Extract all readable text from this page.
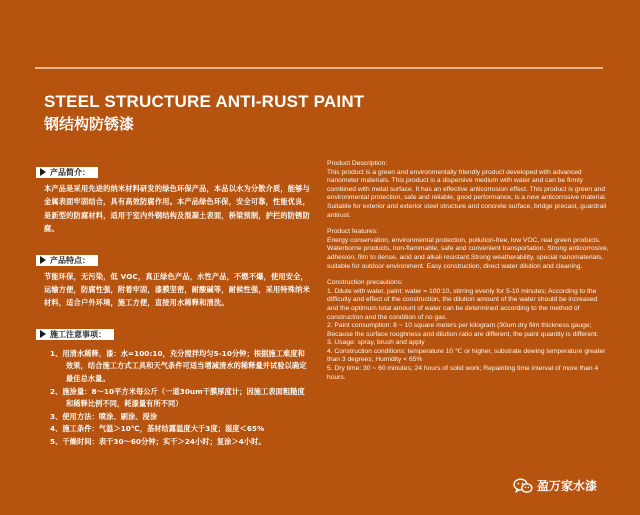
STEEL STRUCTURE ANTI-RUST PAINT
钢结构防锈漆
产品简介：

本产品是采用先进的纳米材料研发的绿色环保产品，本品以水为分散介质，能够与金属表面牢固结合，具有高效防腐作用。本产品绿色环保，安全可靠，性能优良，是新型的防腐材料，适用于室内外钢结构及混凝土表面，桥梁预制，护栏的防锈防腐。

产品特点：

节能环保，无污染，低 VOC，真正绿色产品，水性产品，不燃不爆，使用安全，运输方便，防腐性强，附着牢固，漆膜坚密，耐酸碱等，耐候性强，采用特殊纳米材料，适合户外环境，施工方便，直接用水稀释和清洗。

施工注意事项：
1、用清水稀释，漆：水=100:10，充分搅拌均匀5-10分钟；根据施工难度和效果，结合施工方式工具和天气条件可适当增减清水的稀释量并试验以确定最佳总水量。
2、施涂量：8～10平方米每公斤（一道30um干膜厚度计；因施工表面粗糙度和稀释比例不同，耗漆量有所不同）
3、使用方法：喷涂、刷涂、浸涂
4、施工条件：气温＞10℃，基材结露温度大于3度；湿度＜65%
5、干燥时间：表干30～60分钟；实干＞24小时；复涂＞4小时。

Product Description:

This product is a green and environmentally friendly product developed with advanced nanometer materials. This product is a dispersive medium with water and can be firmly combined with metal surface. It has an effective anticorrosion effect. This product is green and environmental protection, safe and reliable, good performance, is a new anticorrosive material. Suitable for exterior and exterior steel structure and concrete surface, bridge precast, guardrail antirust.

Product features:

Energy conservation, environmental protection, pollution-free, low VOC, real green products. Waterborne products, non-flammable, safe and convenient transportation. Strong anticorrosive, adhesion, film to dense, acid and alkali resistant.Strong weatherability, special nanomaterials, suitable for outdoor environment. Easy construction, direct water dilution and cleaning.

Construction precautions:

1. Dilute with water, paint: water = 100:10, stirring evenly for 5-10 minutes; According to the difficulty and effect of the construction, the dilution amount of the water should be increased and the optimum total amount of water can be determined according to the method of construction and the condition of no gas.

2. Paint consumption: 8 ~ 10 square meters per kilogram (30um dry film thickness gauge; Because the surface roughness and dilution ratio are different, the paint quantity is different.

3. Usage: spray, brush and apply

4. Construction conditions: temperature 10 ℃ or higher, substrate dewing temperature greater than 3 degrees; Humidity < 65%

5. Dry time: 30 ~ 60 minutes; 24 hours of solid work; Repainting time interval of more than 4 hours.

盈万家水漆
